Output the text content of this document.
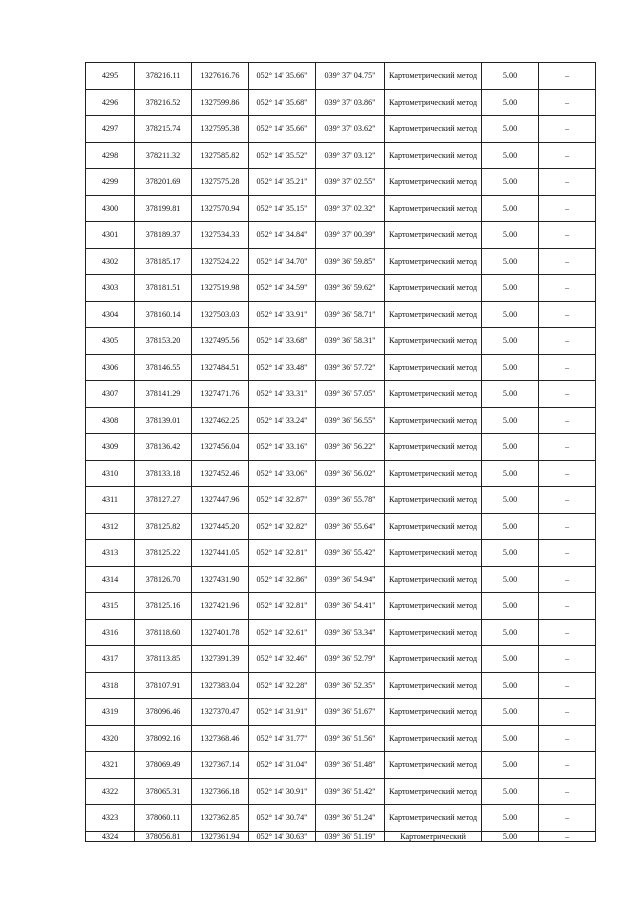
4295	378216.11	1327616.76	052° 14' 35.66"	039° 37' 04.75"	Картометрический метод	5.00	–
4296	378216.52	1327599.86	052° 14' 35.68"	039° 37' 03.86"	Картометрический метод	5.00	–
4297	378215.74	1327595.38	052° 14' 35.66"	039° 37' 03.62"	Картометрический метод	5.00	–
4298	378211.32	1327585.82	052° 14' 35.52"	039° 37' 03.12"	Картометрический метод	5.00	–
4299	378201.69	1327575.28	052° 14' 35.21"	039° 37' 02.55"	Картометрический метод	5.00	–
4300	378199.81	1327570.94	052° 14' 35.15"	039° 37' 02.32"	Картометрический метод	5.00	–
4301	378189.37	1327534.33	052° 14' 34.84"	039° 37' 00.39"	Картометрический метод	5.00	–
4302	378185.17	1327524.22	052° 14' 34.70"	039° 36' 59.85"	Картометрический метод	5.00	–
4303	378181.51	1327519.98	052° 14' 34.59"	039° 36' 59.62"	Картометрический метод	5.00	–
4304	378160.14	1327503.03	052° 14' 33.91"	039° 36' 58.71"	Картометрический метод	5.00	–
4305	378153.20	1327495.56	052° 14' 33.68"	039° 36' 58.31"	Картометрический метод	5.00	–
4306	378146.55	1327484.51	052° 14' 33.48"	039° 36' 57.72"	Картометрический метод	5.00	–
4307	378141.29	1327471.76	052° 14' 33.31"	039° 36' 57.05"	Картометрический метод	5.00	–
4308	378139.01	1327462.25	052° 14' 33.24"	039° 36' 56.55"	Картометрический метод	5.00	–
4309	378136.42	1327456.04	052° 14' 33.16"	039° 36' 56.22"	Картометрический метод	5.00	–
4310	378133.18	1327452.46	052° 14' 33.06"	039° 36' 56.02"	Картометрический метод	5.00	–
4311	378127.27	1327447.96	052° 14' 32.87"	039° 36' 55.78"	Картометрический метод	5.00	–
4312	378125.82	1327445.20	052° 14' 32.82"	039° 36' 55.64"	Картометрический метод	5.00	–
4313	378125.22	1327441.05	052° 14' 32.81"	039° 36' 55.42"	Картометрический метод	5.00	–
4314	378126.70	1327431.90	052° 14' 32.86"	039° 36' 54.94"	Картометрический метод	5.00	–
4315	378125.16	1327421.96	052° 14' 32.81"	039° 36' 54.41"	Картометрический метод	5.00	–
4316	378118.60	1327401.78	052° 14' 32.61"	039° 36' 53.34"	Картометрический метод	5.00	–
4317	378113.85	1327391.39	052° 14' 32.46"	039° 36' 52.79"	Картометрический метод	5.00	–
4318	378107.91	1327383.04	052° 14' 32.28"	039° 36' 52.35"	Картометрический метод	5.00	–
4319	378096.46	1327370.47	052° 14' 31.91"	039° 36' 51.67"	Картометрический метод	5.00	–
4320	378092.16	1327368.46	052° 14' 31.77"	039° 36' 51.56"	Картометрический метод	5.00	–
4321	378069.49	1327367.14	052° 14' 31.04"	039° 36' 51.48"	Картометрический метод	5.00	–
4322	378065.31	1327366.18	052° 14' 30.91"	039° 36' 51.42"	Картометрический метод	5.00	–
4323	378060.11	1327362.85	052° 14' 30.74"	039° 36' 51.24"	Картометрический метод	5.00	–
4324	378056.81	1327361.94	052° 14' 30.63"	039° 36' 51.19"	Картометрический	5.00	–
